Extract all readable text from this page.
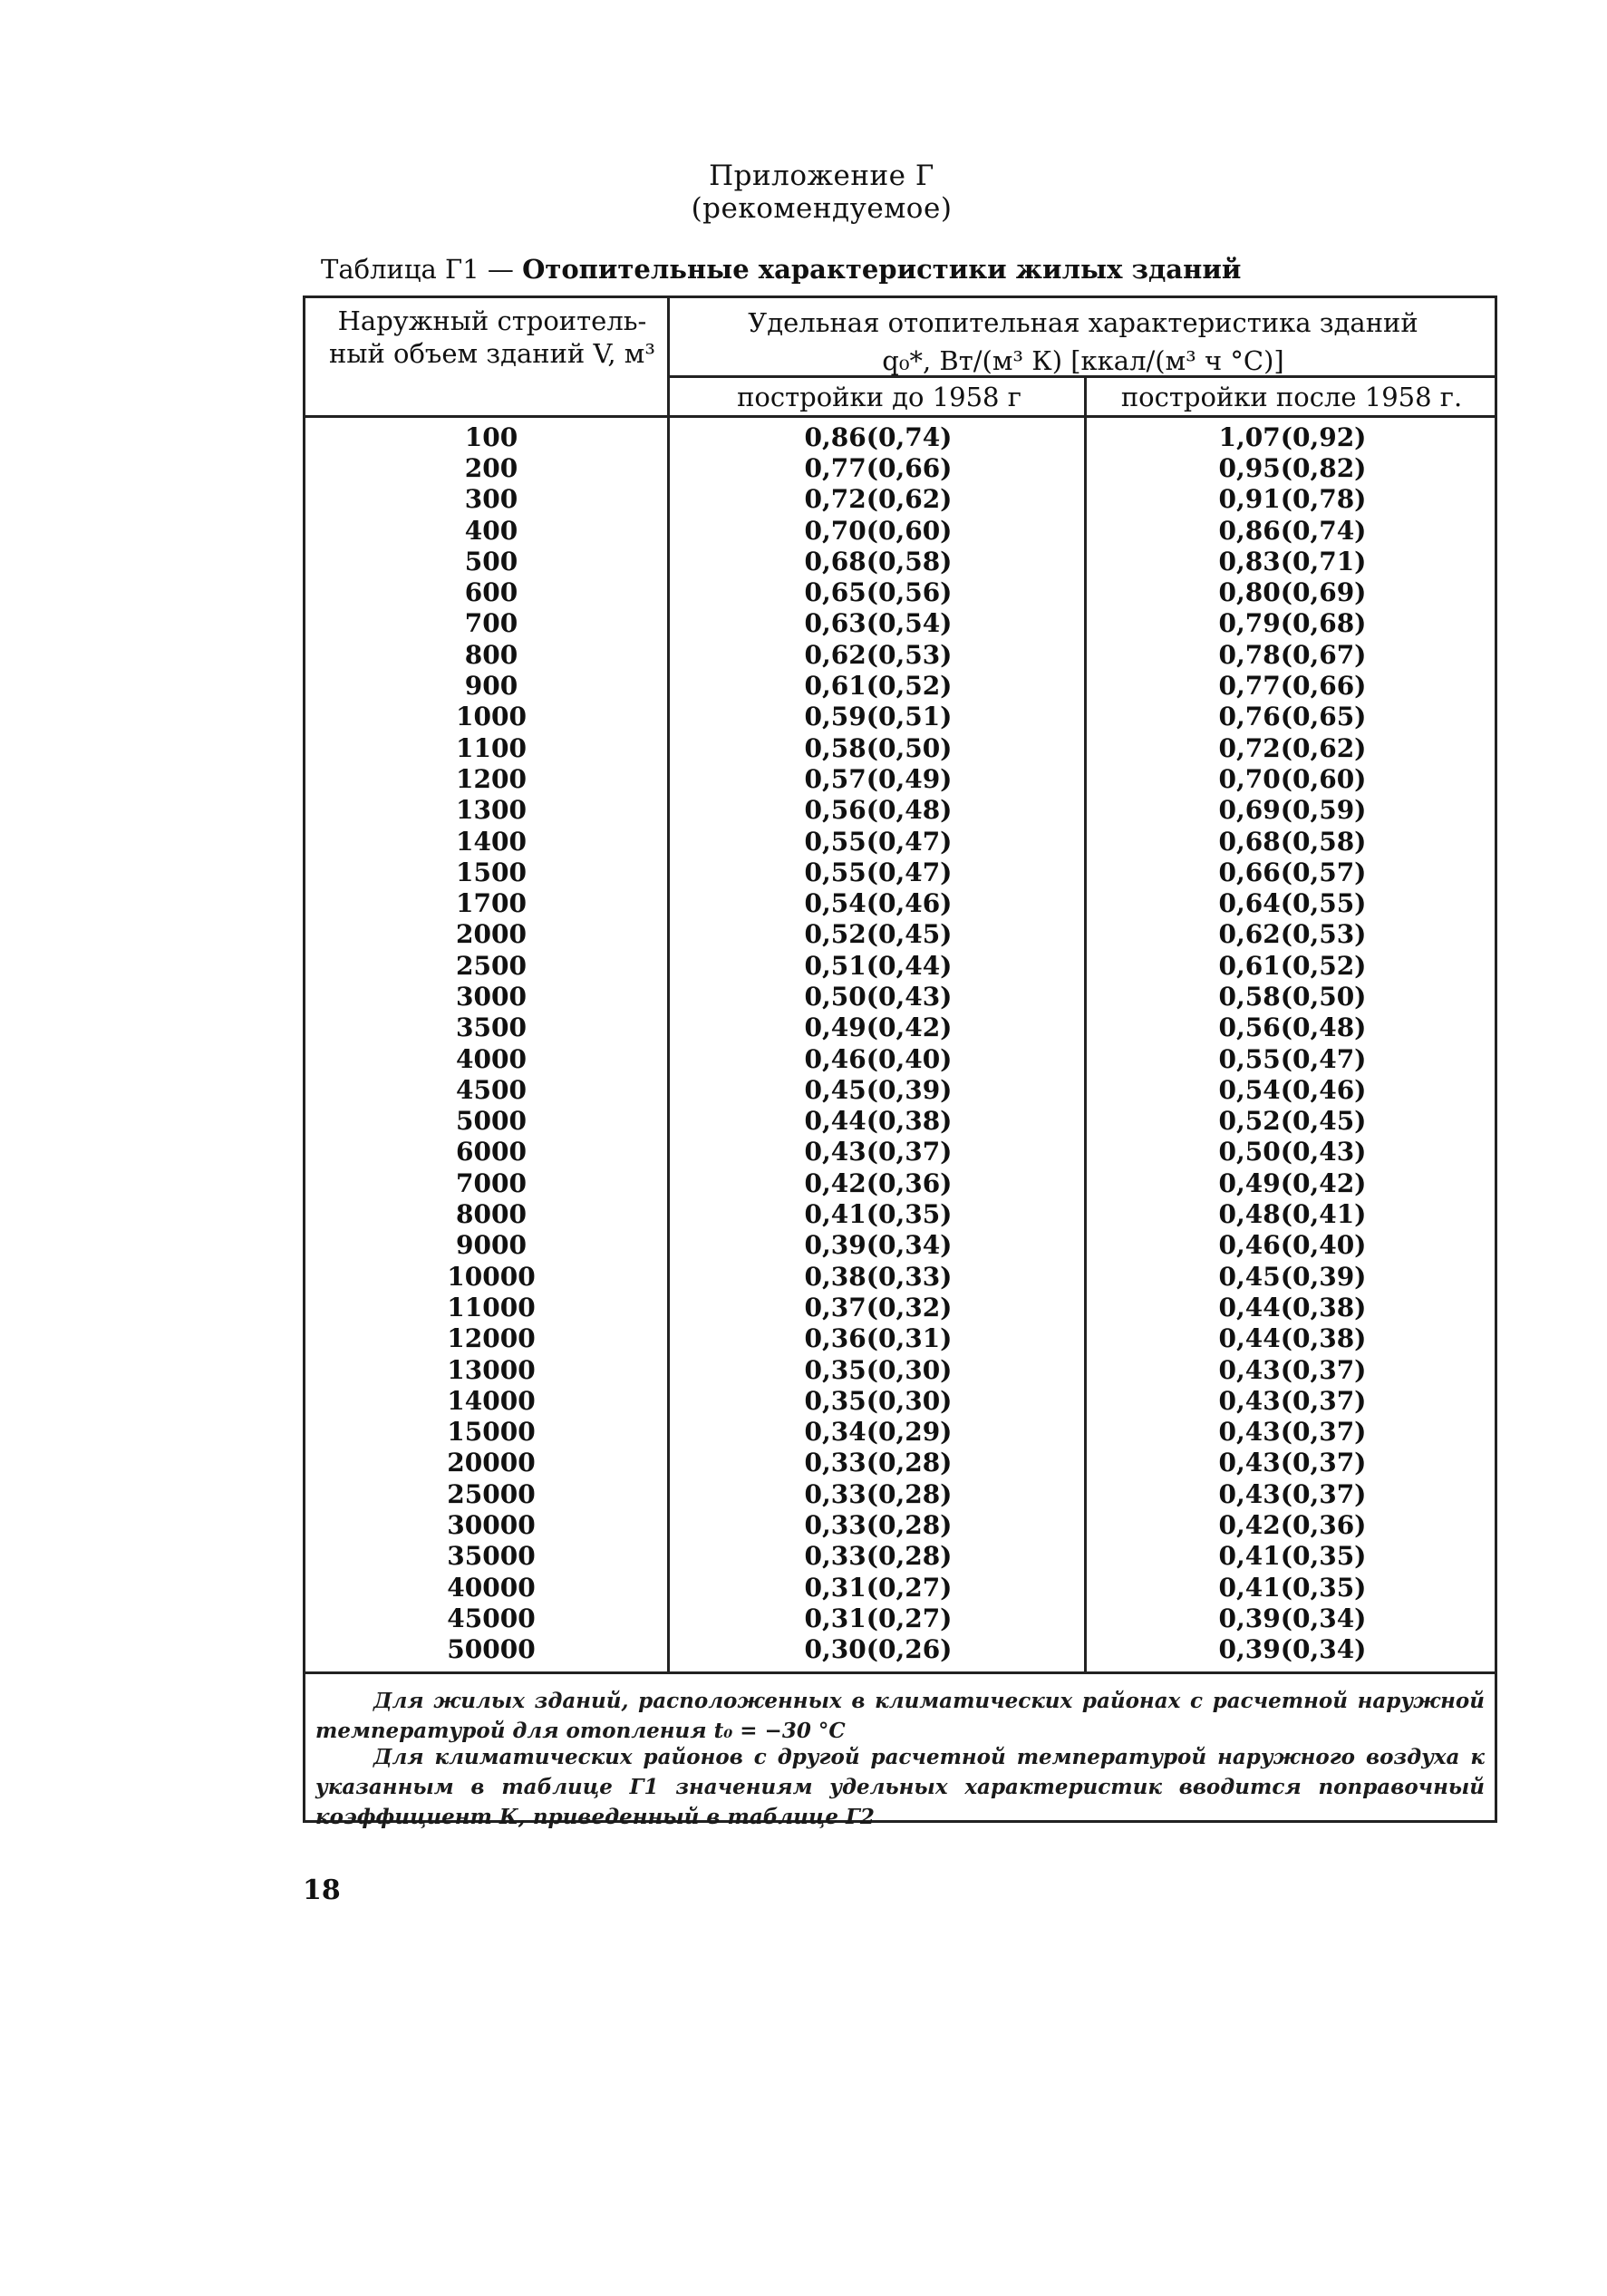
Приложение Г
(рекомендуемое)
Таблица Г1 — Отопительные характеристики жилых зданий
Наружный строитель-
ный объем зданий V, м³
Удельная отопительная характеристика зданий
q₀*, Вт/(м³ К) [ккал/(м³ ч °С)]
постройки до 1958 г	постройки после 1958 г.
100	0,86(0,74)	1,07(0,92)
200	0,77(0,66)	0,95(0,82)
300	0,72(0,62)	0,91(0,78)
400	0,70(0,60)	0,86(0,74)
500	0,68(0,58)	0,83(0,71)
600	0,65(0,56)	0,80(0,69)
700	0,63(0,54)	0,79(0,68)
800	0,62(0,53)	0,78(0,67)
900	0,61(0,52)	0,77(0,66)
1000	0,59(0,51)	0,76(0,65)
1100	0,58(0,50)	0,72(0,62)
1200	0,57(0,49)	0,70(0,60)
1300	0,56(0,48)	0,69(0,59)
1400	0,55(0,47)	0,68(0,58)
1500	0,55(0,47)	0,66(0,57)
1700	0,54(0,46)	0,64(0,55)
2000	0,52(0,45)	0,62(0,53)
2500	0,51(0,44)	0,61(0,52)
3000	0,50(0,43)	0,58(0,50)
3500	0,49(0,42)	0,56(0,48)
4000	0,46(0,40)	0,55(0,47)
4500	0,45(0,39)	0,54(0,46)
5000	0,44(0,38)	0,52(0,45)
6000	0,43(0,37)	0,50(0,43)
7000	0,42(0,36)	0,49(0,42)
8000	0,41(0,35)	0,48(0,41)
9000	0,39(0,34)	0,46(0,40)
10000	0,38(0,33)	0,45(0,39)
11000	0,37(0,32)	0,44(0,38)
12000	0,36(0,31)	0,44(0,38)
13000	0,35(0,30)	0,43(0,37)
14000	0,35(0,30)	0,43(0,37)
15000	0,34(0,29)	0,43(0,37)
20000	0,33(0,28)	0,43(0,37)
25000	0,33(0,28)	0,43(0,37)
30000	0,33(0,28)	0,42(0,36)
35000	0,33(0,28)	0,41(0,35)
40000	0,31(0,27)	0,41(0,35)
45000	0,31(0,27)	0,39(0,34)
50000	0,30(0,26)	0,39(0,34)
Для жилых зданий, расположенных в климатических районах с расчетной наружной температурой для отопления t₀ = −30 °С
Для климатических районов с другой расчетной температурой наружного воздуха к указанным в таблице Г1 значениям удельных характеристик вводится поправочный коэффициент К, приведенный в таблице Г2
18
